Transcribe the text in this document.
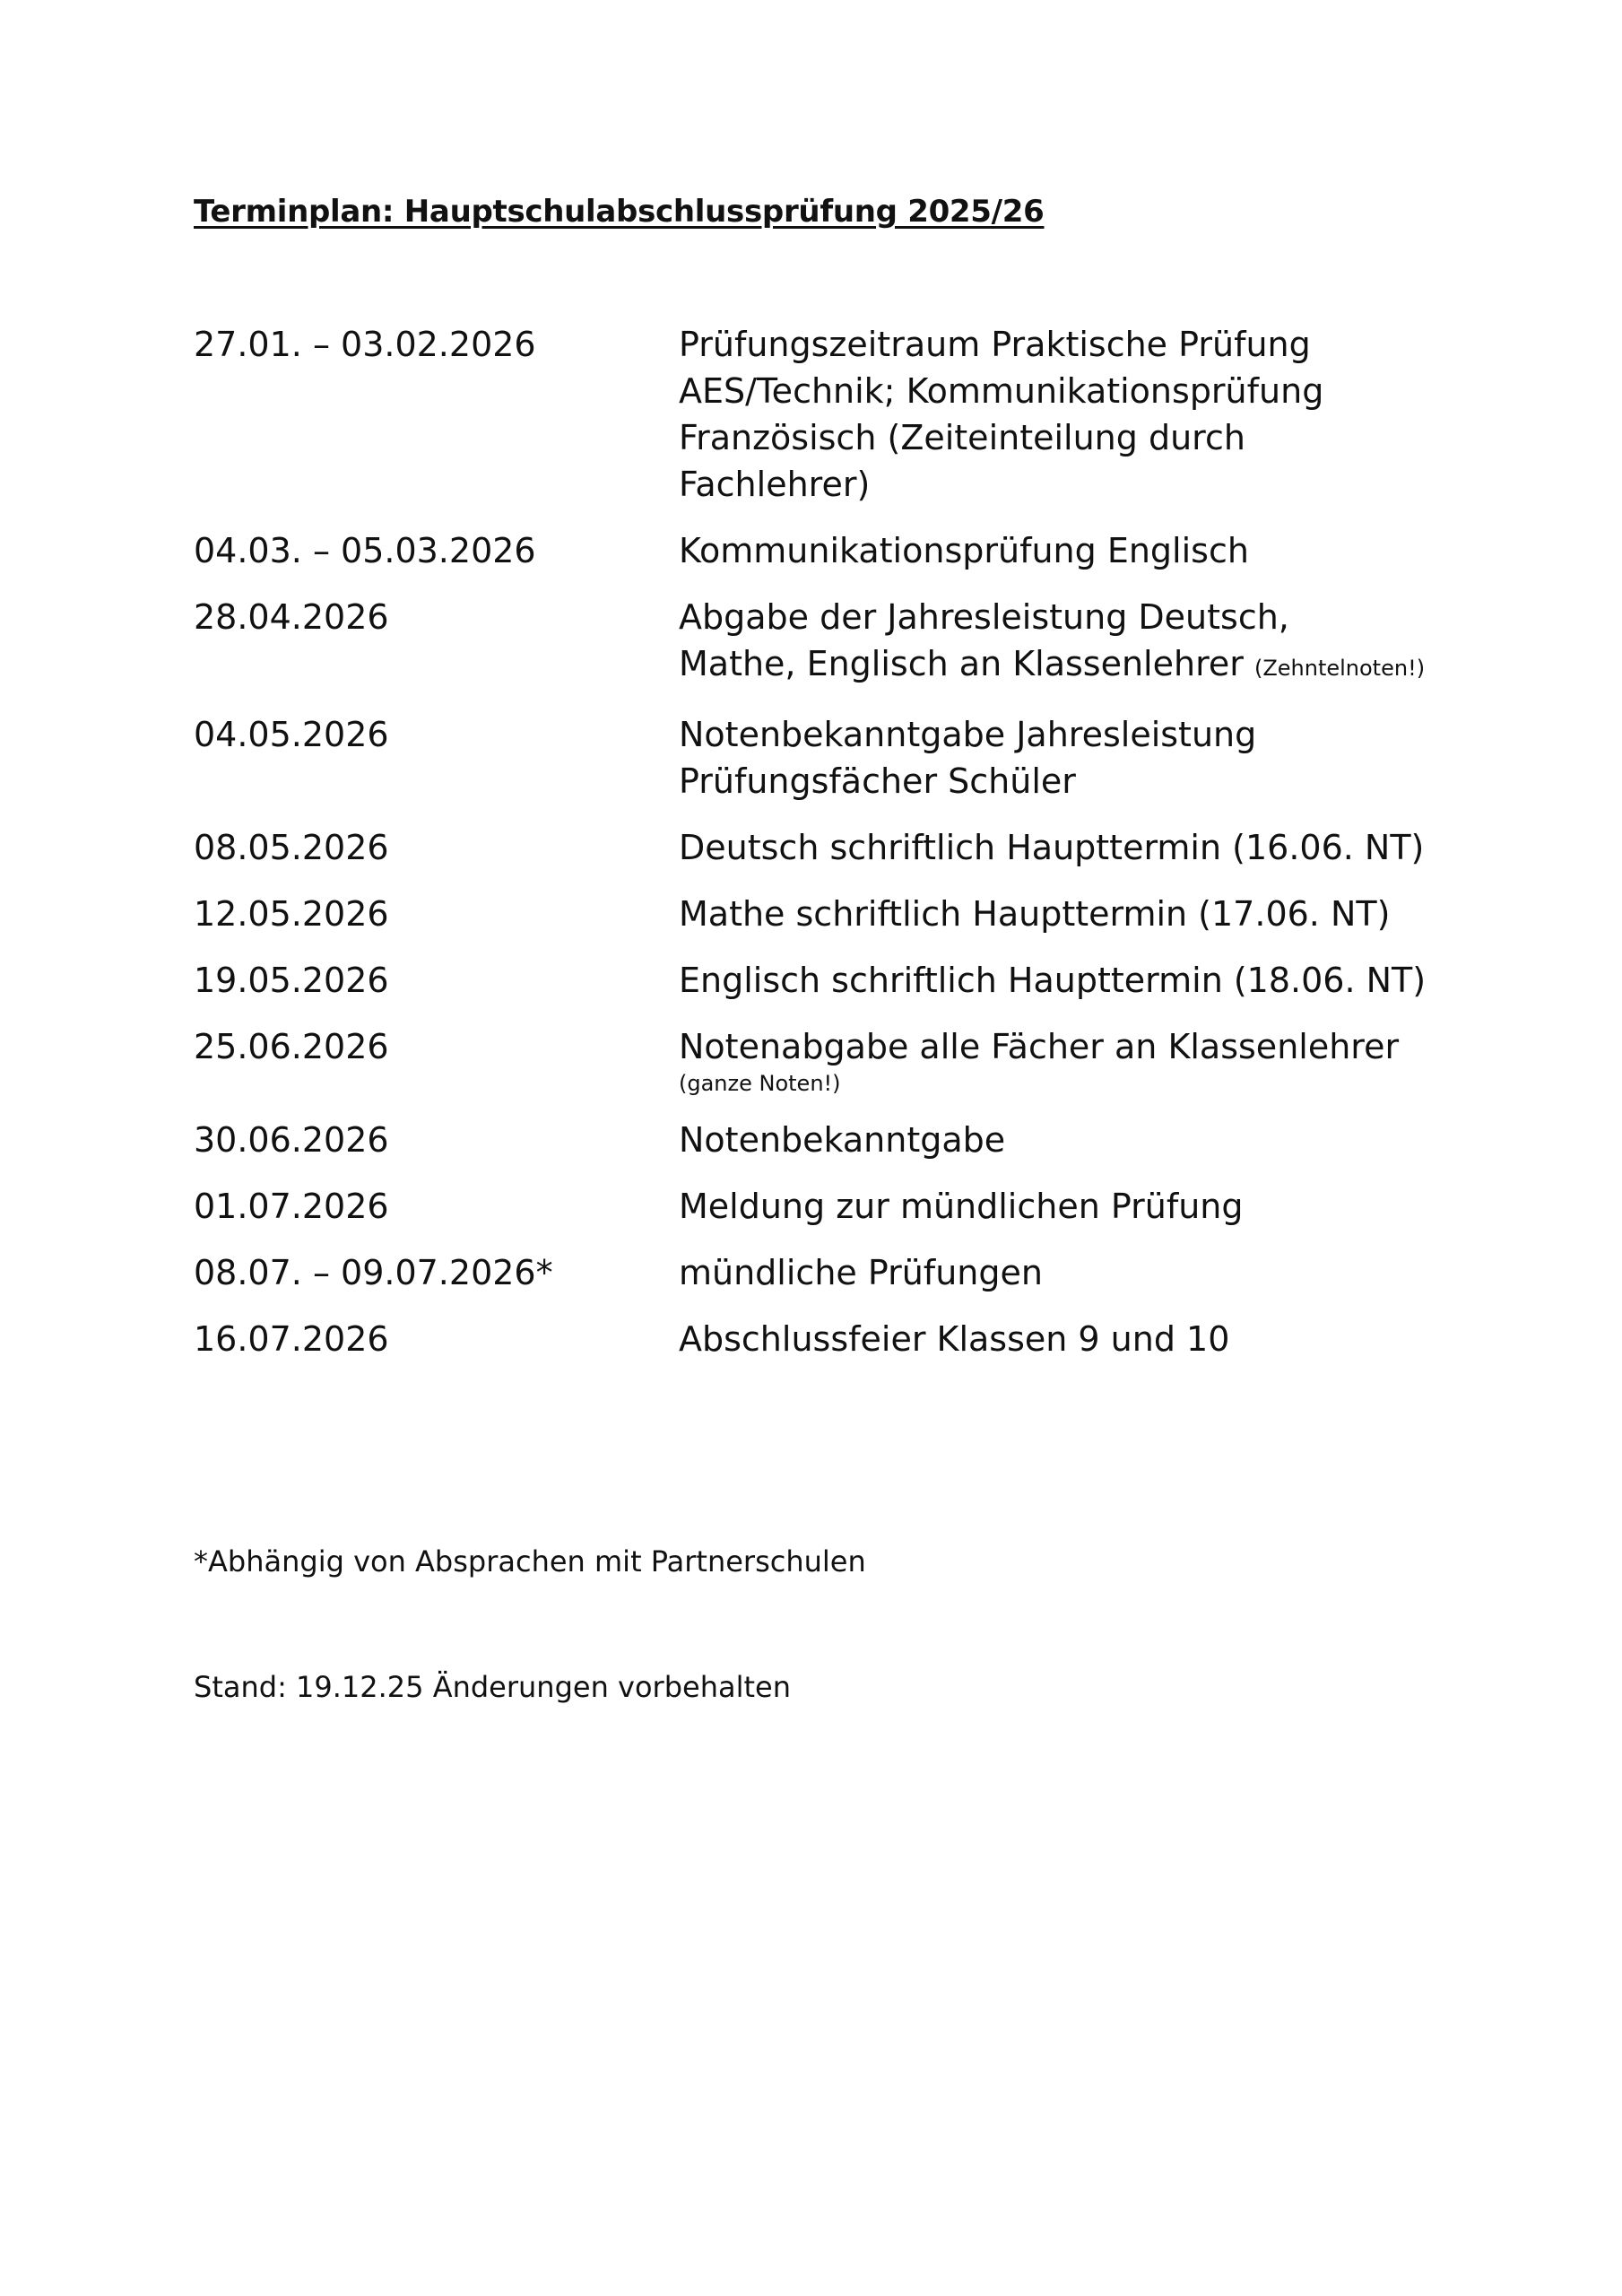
Terminplan: Hauptschulabschlussprüfung 2025/26
27.01. – 03.02.2026	Prüfungszeitraum Praktische Prüfung
AES/Technik; Kommunikationsprüfung
Französisch (Zeiteinteilung durch
Fachlehrer)
04.03. – 05.03.2026	Kommunikationsprüfung Englisch
28.04.2026	Abgabe der Jahresleistung Deutsch,
Mathe, Englisch an Klassenlehrer (Zehntelnoten!)
04.05.2026	Notenbekanntgabe Jahresleistung
Prüfungsfächer Schüler
08.05.2026	Deutsch schriftlich Haupttermin (16.06. NT)
12.05.2026	Mathe schriftlich Haupttermin (17.06. NT)
19.05.2026	Englisch schriftlich Haupttermin (18.06. NT)
25.06.2026	Notenabgabe alle Fächer an Klassenlehrer
(ganze Noten!)
30.06.2026	Notenbekanntgabe
01.07.2026	Meldung zur mündlichen Prüfung
08.07. – 09.07.2026*	mündliche Prüfungen
16.07.2026	Abschlussfeier Klassen 9 und 10
*Abhängig von Absprachen mit Partnerschulen
Stand: 19.12.25 Änderungen vorbehalten
